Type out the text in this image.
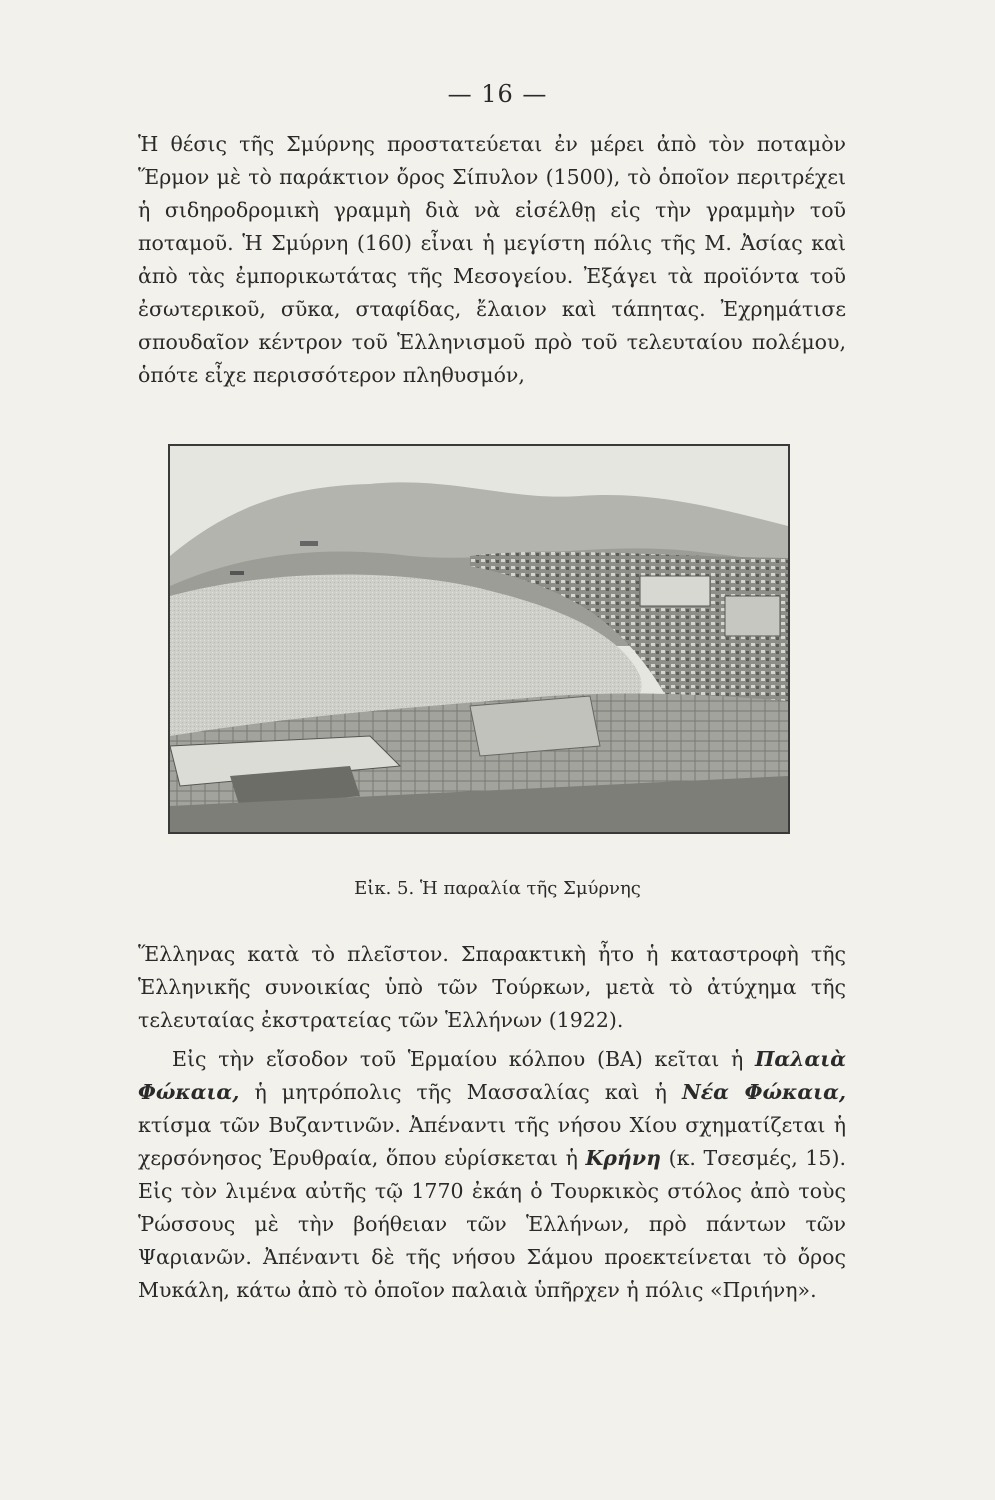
— 16 —

Ἡ θέσις τῆς Σμύρνης προστατεύεται ἐν μέρει ἀπὸ τὸν ποταμὸν Ἕρμον μὲ τὸ παράκτιον ὄρος Σίπυλον (1500), τὸ ὁποῖον περιτρέχει ἡ σιδηροδρομικὴ γραμμὴ διὰ νὰ εἰσέλθῃ εἰς τὴν γραμμὴν τοῦ ποταμοῦ. Ἡ Σμύρνη (160) εἶναι ἡ μεγίστη πόλις τῆς Μ. Ἀσίας καὶ ἀπὸ τὰς ἐμπορικωτάτας τῆς Μεσογείου. Ἐξάγει τὰ προϊόντα τοῦ ἐσωτερικοῦ, σῦκα, σταφίδας, ἔλαιον καὶ τάπητας. Ἐχρημάτισε σπουδαῖον κέντρον τοῦ Ἑλληνισμοῦ πρὸ τοῦ τελευταίου πολέμου, ὁπότε εἶχε περισσότερον πληθυσμόν,

Εἰκ. 5. Ἡ παραλία τῆς Σμύρνης

Ἕλληνας κατὰ τὸ πλεῖστον. Σπαρακτικὴ ἦτο ἡ καταστροφὴ τῆς Ἑλληνικῆς συνοικίας ὑπὸ τῶν Τούρκων, μετὰ τὸ ἀτύχημα τῆς τελευταίας ἐκστρατείας τῶν Ἑλλήνων (1922).

Εἰς τὴν εἴσοδον τοῦ Ἑρμαίου κόλπου (ΒΑ) κεῖται ἡ Παλαιὰ Φώκαια, ἡ μητρόπολις τῆς Μασσαλίας καὶ ἡ Νέα Φώκαια, κτίσμα τῶν Βυζαντινῶν. Ἀπέναντι τῆς νήσου Χίου σχηματίζεται ἡ χερσόνησος Ἐρυθραία, ὅπου εὑρίσκεται ἡ Κρήνη (κ. Τσεσμές, 15). Εἰς τὸν λιμένα αὐτῆς τῷ 1770 ἐκάη ὁ Τουρκικὸς στόλος ἀπὸ τοὺς Ῥώσσους μὲ τὴν βοήθειαν τῶν Ἑλλήνων, πρὸ πάντων τῶν Ψαριανῶν. Ἀπέναντι δὲ τῆς νήσου Σάμου προεκτείνεται τὸ ὄρος Μυκάλη, κάτω ἀπὸ τὸ ὁποῖον παλαιὰ ὑπῆρχεν ἡ πόλις «Πριήνη».
